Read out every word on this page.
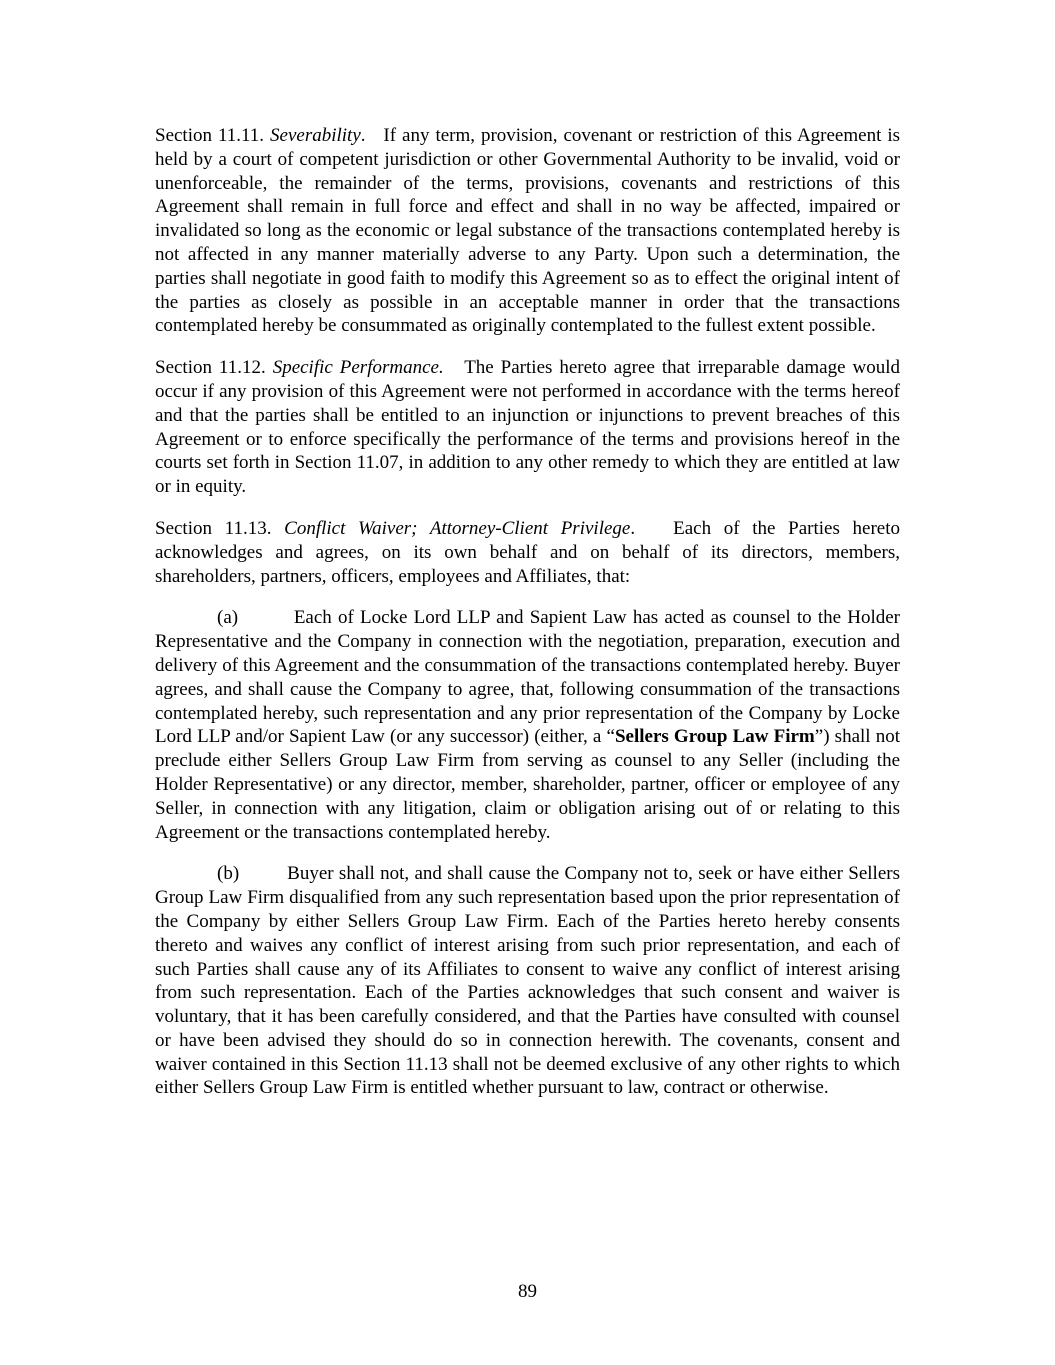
Section 11.11. Severability. If any term, provision, covenant or restriction of this Agreement is held by a court of competent jurisdiction or other Governmental Authority to be invalid, void or unenforceable, the remainder of the terms, provisions, covenants and restrictions of this Agreement shall remain in full force and effect and shall in no way be affected, impaired or invalidated so long as the economic or legal substance of the transactions contemplated hereby is not affected in any manner materially adverse to any Party. Upon such a determination, the parties shall negotiate in good faith to modify this Agreement so as to effect the original intent of the parties as closely as possible in an acceptable manner in order that the transactions contemplated hereby be consummated as originally contemplated to the fullest extent possible.

Section 11.12. Specific Performance. The Parties hereto agree that irreparable damage would occur if any provision of this Agreement were not performed in accordance with the terms hereof and that the parties shall be entitled to an injunction or injunctions to prevent breaches of this Agreement or to enforce specifically the performance of the terms and provisions hereof in the courts set forth in Section 11.07, in addition to any other remedy to which they are entitled at law or in equity.

Section 11.13. Conflict Waiver; Attorney-Client Privilege. Each of the Parties hereto acknowledges and agrees, on its own behalf and on behalf of its directors, members, shareholders, partners, officers, employees and Affiliates, that:

(a)	Each of Locke Lord LLP and Sapient Law has acted as counsel to the Holder Representative and the Company in connection with the negotiation, preparation, execution and delivery of this Agreement and the consummation of the transactions contemplated hereby. Buyer agrees, and shall cause the Company to agree, that, following consummation of the transactions contemplated hereby, such representation and any prior representation of the Company by Locke Lord LLP and/or Sapient Law (or any successor) (either, a “Sellers Group Law Firm”) shall not preclude either Sellers Group Law Firm from serving as counsel to any Seller (including the Holder Representative) or any director, member, shareholder, partner, officer or employee of any Seller, in connection with any litigation, claim or obligation arising out of or relating to this Agreement or the transactions contemplated hereby.

(b)	Buyer shall not, and shall cause the Company not to, seek or have either Sellers Group Law Firm disqualified from any such representation based upon the prior representation of the Company by either Sellers Group Law Firm. Each of the Parties hereto hereby consents thereto and waives any conflict of interest arising from such prior representation, and each of such Parties shall cause any of its Affiliates to consent to waive any conflict of interest arising from such representation. Each of the Parties acknowledges that such consent and waiver is voluntary, that it has been carefully considered, and that the Parties have consulted with counsel or have been advised they should do so in connection herewith. The covenants, consent and waiver contained in this Section 11.13 shall not be deemed exclusive of any other rights to which either Sellers Group Law Firm is entitled whether pursuant to law, contract or otherwise.

89
